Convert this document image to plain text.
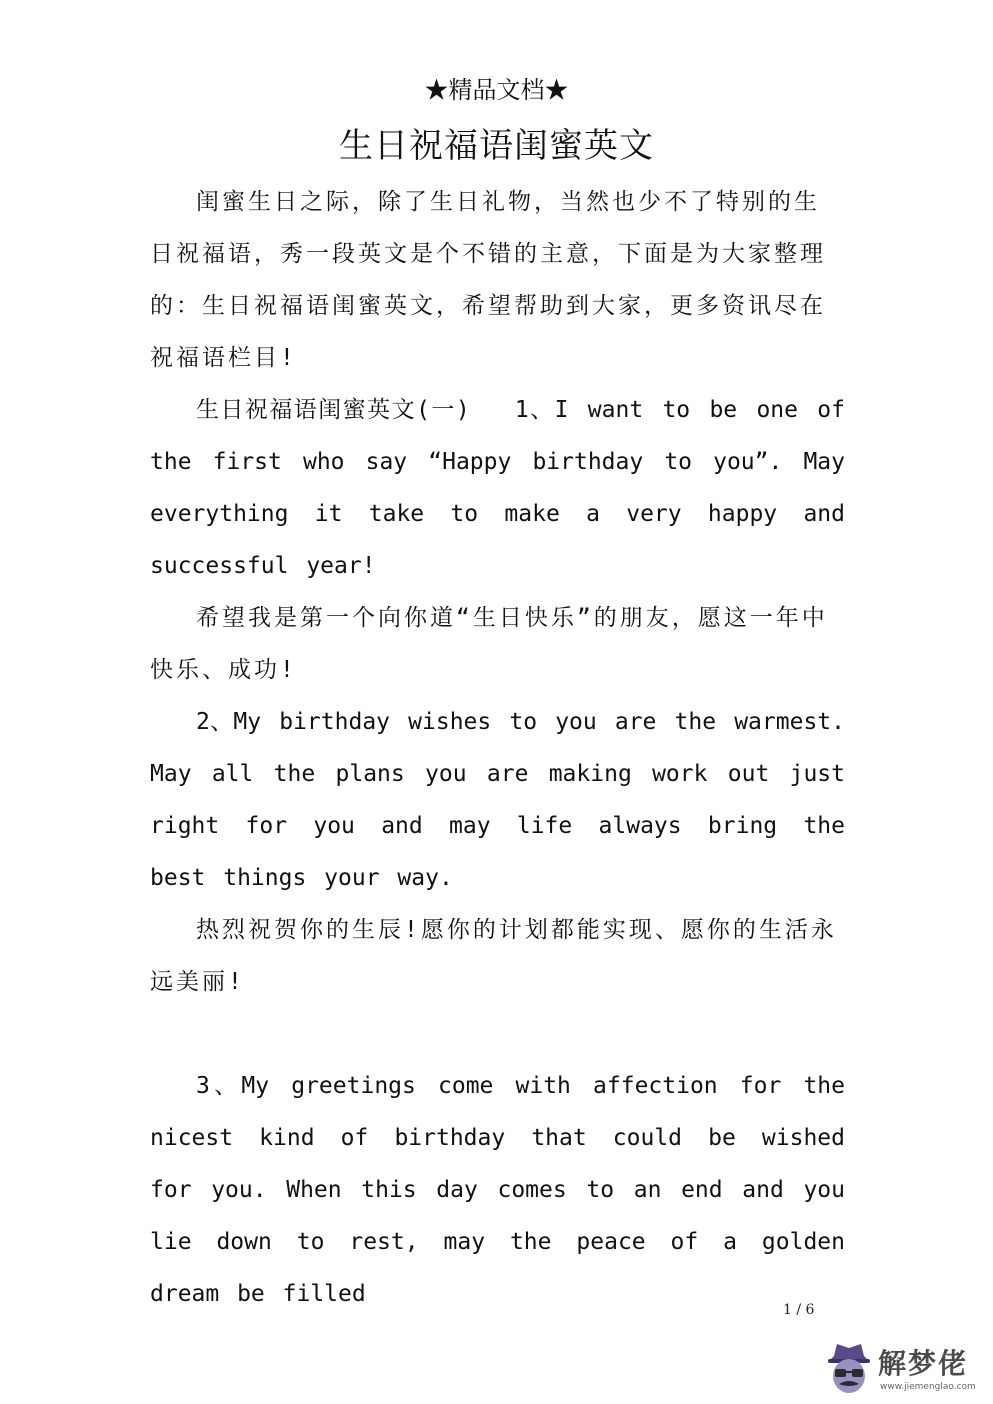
★精品文档★
生日祝福语闺蜜英文

闺蜜生日之际，除了生日礼物，当然也少不了特别的生日祝福语，秀一段英文是个不错的主意，下面是为大家整理的：生日祝福语闺蜜英文，希望帮助到大家，更多资讯尽在祝福语栏目!

生日祝福语闺蜜英文(一)　 1、I want to be one of the first who say “Happy birthday to you”. May everything it take to make a very happy and successful year!

希望我是第一个向你道“生日快乐”的朋友，愿这一年中快乐、成功!

2、My birthday wishes to you are the warmest. May all the plans you are making work out just right for you and may life always bring the best things your way.

热烈祝贺你的生辰!愿你的计划都能实现、愿你的生活永远美丽!

3、My greetings come with affection for the nicest kind of birthday that could be wished for you. When this day comes to an end and you lie down to rest, may the peace of a golden dream be filled

1 / 6
解梦佬
www.jiemenglao.com
